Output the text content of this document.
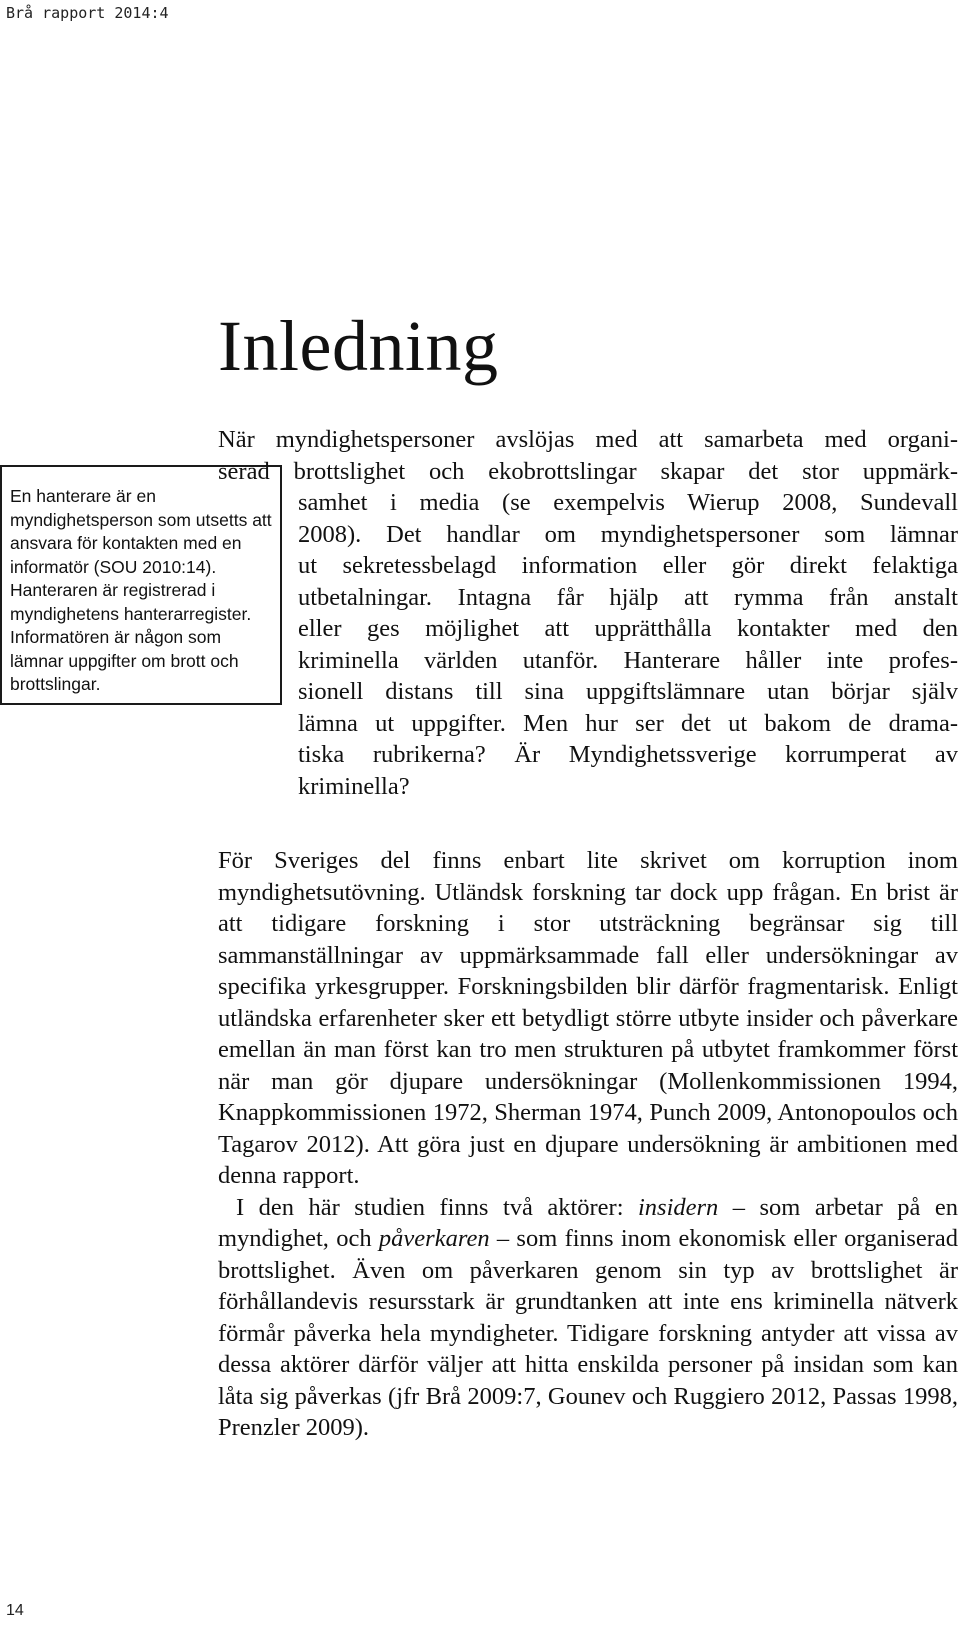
Brå rapport 2014:4
Inledning

En hanterare är en myndighetsperson som utsetts att ansvara för kontakten med en informatör (SOU 2010:14). Hanteraren är registrerad i myndighetens hanterarregister.

Informatören är någon som lämnar uppgifter om brott och brottslingar.

När myndighetspersoner avslöjas med att samarbeta med organi-
serad brottslighet och ekobrottslingar skapar det stor uppmärk-
samhet i media (se exempelvis Wierup 2008, Sundevall
2008). Det handlar om myndighetspersoner som lämnar
ut sekretessbelagd information eller gör direkt felaktiga
utbetalningar. Intagna får hjälp att rymma från anstalt
eller ges möjlighet att upprätthålla kontakter med den
kriminella världen utanför. Hanterare håller inte profes-
sionell distans till sina uppgiftslämnare utan börjar själv
lämna ut uppgifter. Men hur ser det ut bakom de drama-
tiska rubrikerna? Är Myndighetssverige korrumperat av
kriminella?

För Sveriges del finns enbart lite skrivet om korruption inom myndighetsutövning. Utländsk forskning tar dock upp frågan. En brist är att tidigare forskning i stor utsträckning begränsar sig till sammanställningar av uppmärksammade fall eller undersökningar av specifika yrkesgrupper. Forskningsbilden blir därför fragmentarisk. Enligt utländska erfarenheter sker ett betydligt större utbyte insider och påverkare emellan än man först kan tro men strukturen på utbytet framkommer först när man gör djupare undersökningar (Mollenkommissionen 1994, Knappkommissionen 1972, Sherman 1974, Punch 2009, Antonopoulos och Tagarov 2012). Att göra just en djupare undersökning är ambitionen med denna rapport.

I den här studien finns två aktörer: insidern – som arbetar på en myndighet, och påverkaren – som finns inom ekonomisk eller organiserad brottslighet. Även om påverkaren genom sin typ av brottslighet är förhållandevis resursstark är grundtanken att inte ens kriminella nätverk förmår påverka hela myndigheter. Tidigare forskning antyder att vissa av dessa aktörer därför väljer att hitta enskilda personer på insidan som kan låta sig påverkas (jfr Brå 2009:7, Gounev och Ruggiero 2012, Passas 1998, Prenzler 2009).

14
